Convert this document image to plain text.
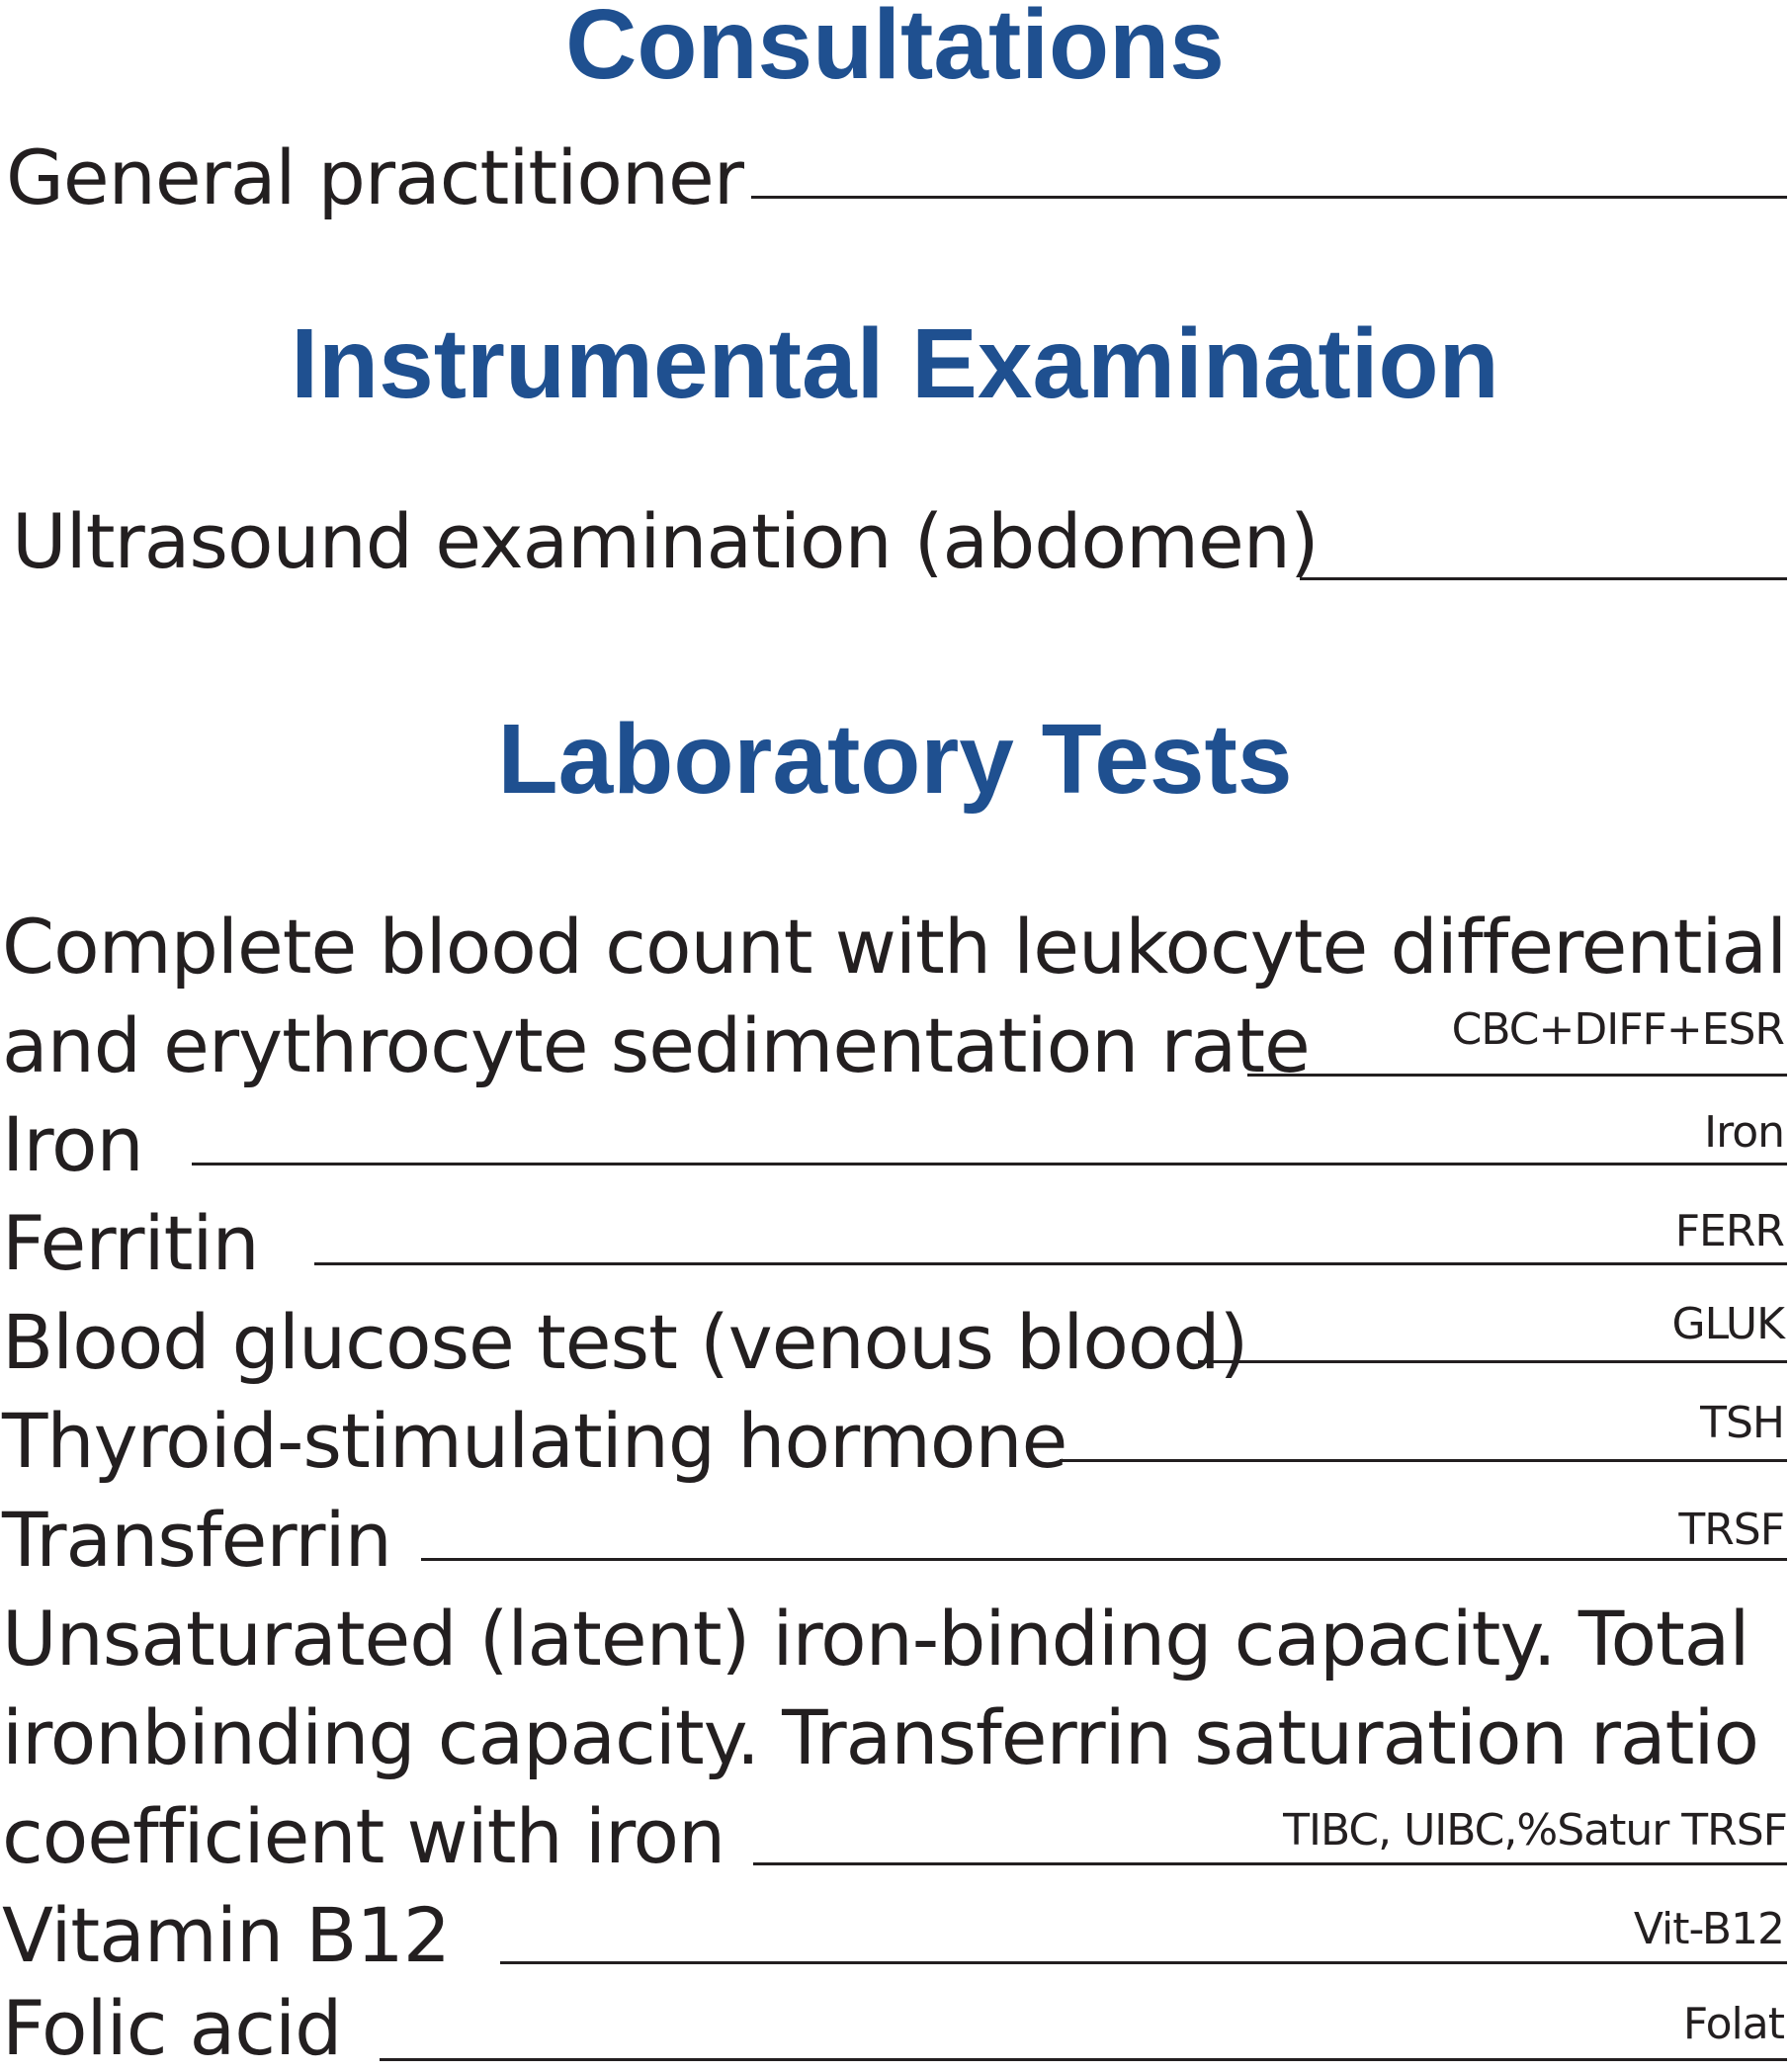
Consultations
General practitioner
Instrumental Examination
Ultrasound examination (abdomen)
Laboratory Tests
Complete blood count with leukocyte differential
and erythrocyte sedimentation rate	CBC+DIFF+ESR
Iron	Iron
Ferritin	FERR
Blood glucose test (venous blood)	GLUK
Thyroid-stimulating hormone	TSH
Transferrin	TRSF
Unsaturated (latent) iron-binding capacity. Total
ironbinding capacity. Transferrin saturation ratio
coefficient with iron	TIBC, UIBC,%Satur TRSF
Vitamin B12	Vit-B12
Folic acid	Folat
